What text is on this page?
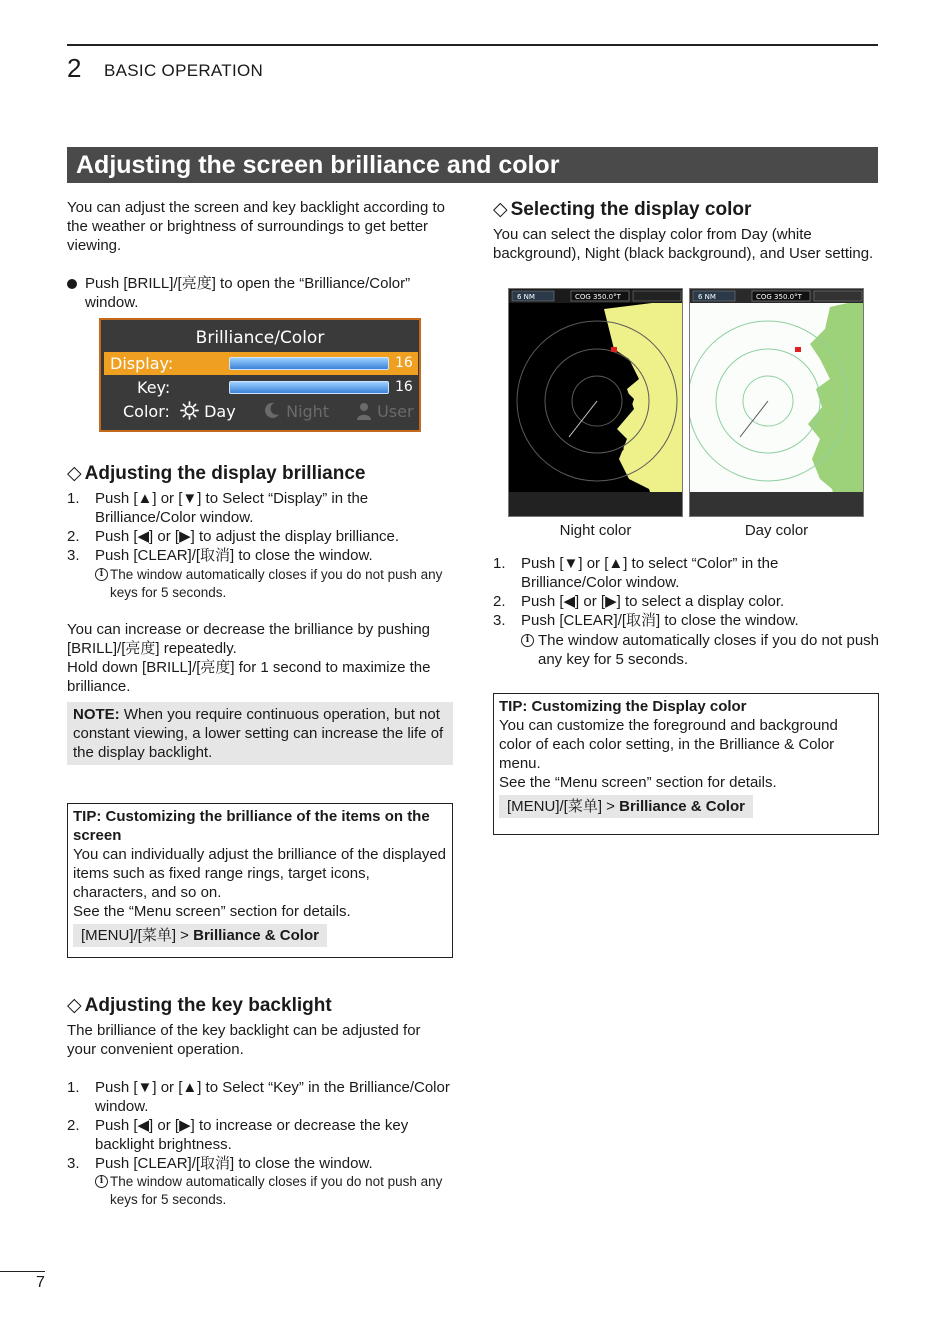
2 BASIC OPERATION
Adjusting the screen brilliance and color
You can adjust the screen and key backlight according to the weather or brightness of surroundings to get better viewing.
Push [BRILL]/[亮度] to open the “Brilliance/Color” window.
Brilliance/Color
Display:	16
Key:	16
Color:	Day	Night	User
◇ Adjusting the display brilliance
1. Push [▲] or [▼] to Select “Display” in the Brilliance/Color window.
2. Push [◀] or [▶] to adjust the display brilliance.
3. Push [CLEAR]/[取消] to close the window.
i The window automatically closes if you do not push any keys for 5 seconds.
You can increase or decrease the brilliance by pushing [BRILL]/[亮度] repeatedly.
Hold down [BRILL]/[亮度] for 1 second to maximize the brilliance.
NOTE: When you require continuous operation, but not constant viewing, a lower setting can increase the life of the display backlight.
TIP: Customizing the brilliance of the items on the screen
You can individually adjust the brilliance of the displayed items such as fixed range rings, target icons, characters, and so on.
See the “Menu screen” section for details.
[MENU]/[菜单] > Brilliance & Color
◇ Adjusting the key backlight
The brilliance of the key backlight can be adjusted for your convenient operation.
1. Push [▼] or [▲] to Select “Key” in the Brilliance/Color window.
2. Push [◀] or [▶] to increase or decrease the key backlight brightness.
3. Push [CLEAR]/[取消] to close the window.
i The window automatically closes if you do not push any keys for 5 seconds.
◇ Selecting the display color
You can select the display color from Day (white background), Night (black background), and User setting.
6 NM	COG 350.0°T	6 NM	COG 350.0°T
Night color	Day color
1. Push [▼] or [▲] to select “Color” in the Brilliance/Color window.
2. Push [◀] or [▶] to select a display color.
3. Push [CLEAR]/[取消] to close the window.
i The window automatically closes if you do not push any key for 5 seconds.
TIP: Customizing the Display color
You can customize the foreground and background color of each color setting, in the Brilliance & Color menu.
See the “Menu screen” section for details.
[MENU]/[菜单] > Brilliance & Color
7
